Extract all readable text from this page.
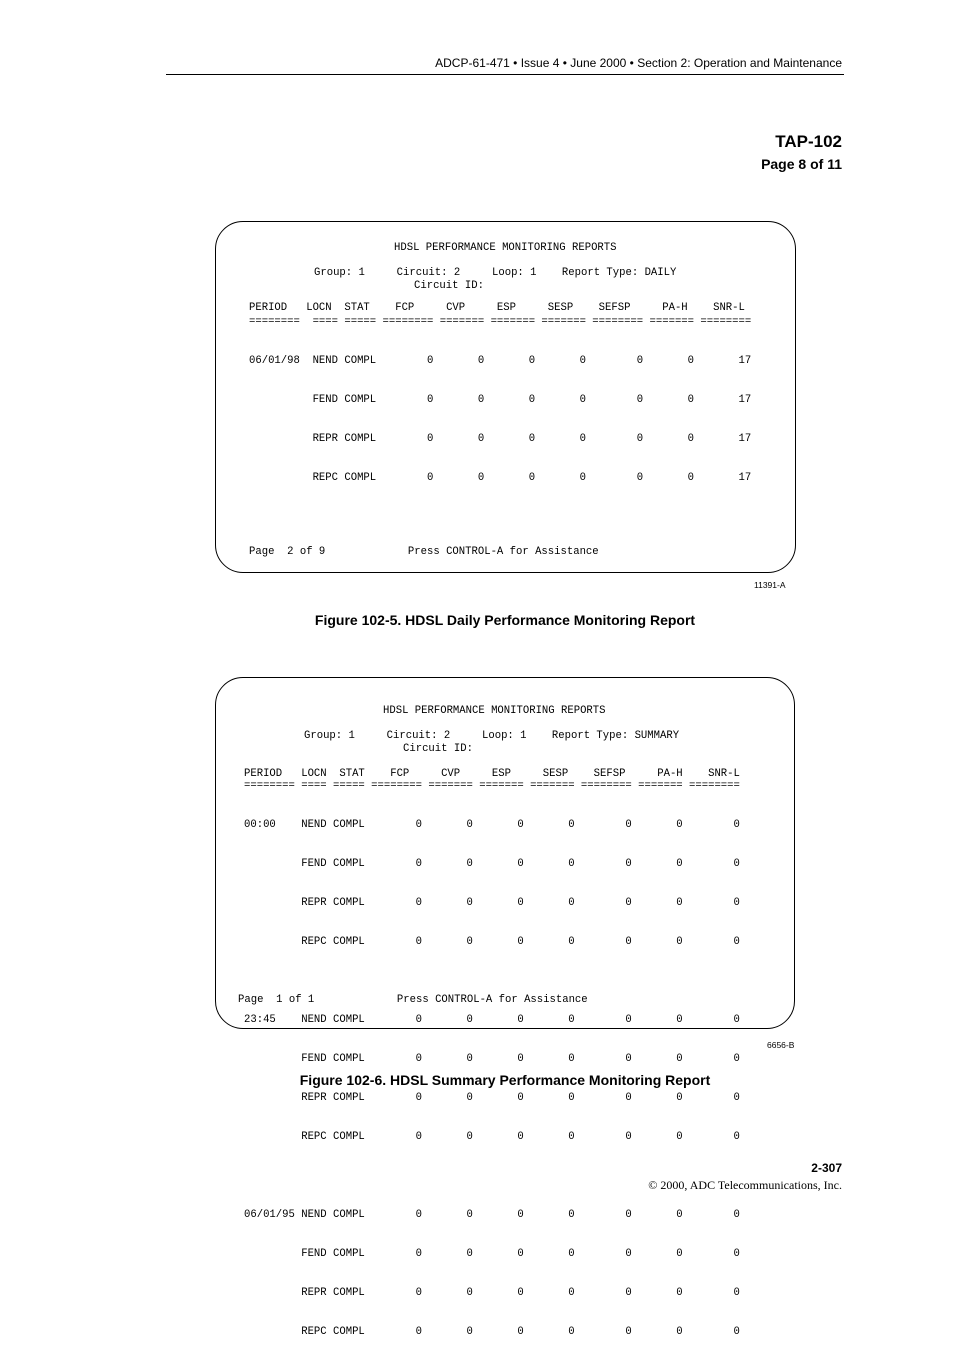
ADCP-61-471 • Issue 4 • June 2000 • Section 2: Operation and Maintenance
TAP-102
Page 8 of 11
HDSL PERFORMANCE MONITORING REPORTS
Group: 1     Circuit: 2     Loop: 1    Report Type: DAILY
Circuit ID:
PERIOD   LOCN  STAT    FCP     CVP     ESP     SESP    SEFSP     PA-H    SNR-L
========  ==== ===== ======== ======= ======= ======= ======== ======= ========

06/01/98  NEND COMPL        0       0       0       0        0       0       17

FEND COMPL        0       0       0       0        0       0       17

REPR COMPL        0       0       0       0        0       0       17

REPC COMPL        0       0       0       0        0       0       17

Page  2 of 9             Press CONTROL-A for Assistance
11391-A
Figure 102-5. HDSL Daily Performance Monitoring Report
HDSL PERFORMANCE MONITORING REPORTS
Group: 1     Circuit: 2     Loop: 1    Report Type: SUMMARY
Circuit ID:
PERIOD   LOCN  STAT    FCP     CVP     ESP     SESP    SEFSP     PA-H    SNR-L
======== ==== ===== ======== ======= ======= ======= ======== ======= ========

00:00    NEND COMPL        0       0       0       0        0       0        0

FEND COMPL        0       0       0       0        0       0        0

REPR COMPL        0       0       0       0        0       0        0

REPC COMPL        0       0       0       0        0       0        0

23:45    NEND COMPL        0       0       0       0        0       0        0

FEND COMPL        0       0       0       0        0       0        0

REPR COMPL        0       0       0       0        0       0        0

REPC COMPL        0       0       0       0        0       0        0

06/01/95 NEND COMPL        0       0       0       0        0       0        0

FEND COMPL        0       0       0       0        0       0        0

REPR COMPL        0       0       0       0        0       0        0

REPC COMPL        0       0       0       0        0       0        0

Page  1 of 1             Press CONTROL-A for Assistance
6656-B
Figure 102-6. HDSL Summary Performance Monitoring Report
2-307
© 2000, ADC Telecommunications, Inc.
